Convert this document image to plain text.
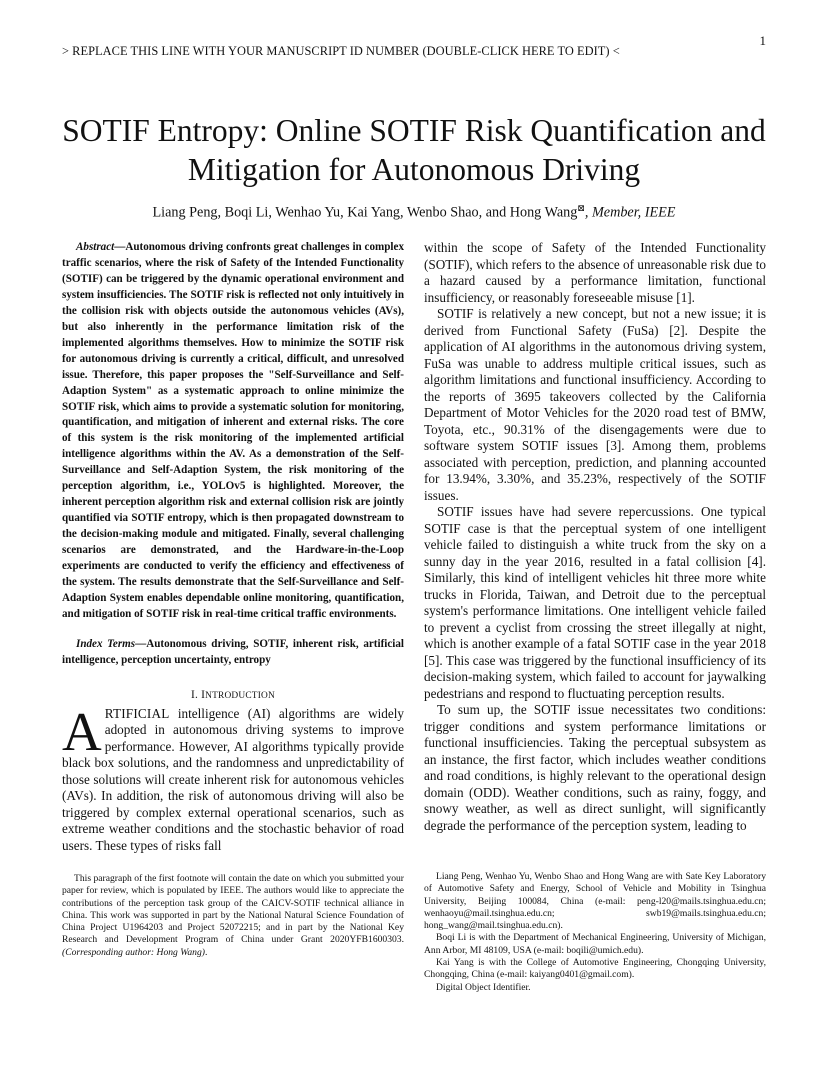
1
> REPLACE THIS LINE WITH YOUR MANUSCRIPT ID NUMBER (DOUBLE-CLICK HERE TO EDIT) <
SOTIF Entropy: Online SOTIF Risk Quantification and Mitigation for Autonomous Driving
Liang Peng, Boqi Li, Wenhao Yu, Kai Yang, Wenbo Shao, and Hong Wang⊠, Member, IEEE

Abstract—Autonomous driving confronts great challenges in complex traffic scenarios, where the risk of Safety of the Intended Functionality (SOTIF) can be triggered by the dynamic operational environment and system insufficiencies. The SOTIF risk is reflected not only intuitively in the collision risk with objects outside the autonomous vehicles (AVs), but also inherently in the performance limitation risk of the implemented algorithms themselves. How to minimize the SOTIF risk for autonomous driving is currently a critical, difficult, and unresolved issue. Therefore, this paper proposes the "Self-Surveillance and Self-Adaption System" as a systematic approach to online minimize the SOTIF risk, which aims to provide a systematic solution for monitoring, quantification, and mitigation of inherent and external risks. The core of this system is the risk monitoring of the implemented artificial intelligence algorithms within the AV. As a demonstration of the Self-Surveillance and Self-Adaption System, the risk monitoring of the perception algorithm, i.e., YOLOv5 is highlighted. Moreover, the inherent perception algorithm risk and external collision risk are jointly quantified via SOTIF entropy, which is then propagated downstream to the decision-making module and mitigated. Finally, several challenging scenarios are demonstrated, and the Hardware-in-the-Loop experiments are conducted to verify the efficiency and effectiveness of the system. The results demonstrate that the Self-Surveillance and Self-Adaption System enables dependable online monitoring, quantification, and mitigation of SOTIF risk in real-time critical traffic environments.

Index Terms—Autonomous driving, SOTIF, inherent risk, artificial intelligence, perception uncertainty, entropy

I. INTRODUCTION

ARTIFICIAL intelligence (AI) algorithms are widely adopted in autonomous driving systems to improve performance. However, AI algorithms typically provide black box solutions, and the randomness and unpredictability of those solutions will create inherent risk for autonomous vehicles (AVs). In addition, the risk of autonomous driving will also be triggered by complex external operational scenarios, such as extreme weather conditions and the stochastic behavior of road users. These types of risks fall

within the scope of Safety of the Intended Functionality (SOTIF), which refers to the absence of unreasonable risk due to a hazard caused by a performance limitation, functional insufficiency, or reasonably foreseeable misuse [1].

SOTIF is relatively a new concept, but not a new issue; it is derived from Functional Safety (FuSa) [2]. Despite the application of AI algorithms in the autonomous driving system, FuSa was unable to address multiple critical issues, such as algorithm limitations and functional insufficiency. According to the reports of 3695 takeovers collected by the California Department of Motor Vehicles for the 2020 road test of BMW, Toyota, etc., 90.31% of the disengagements were due to software system SOTIF issues [3]. Among them, problems associated with perception, prediction, and planning accounted for 13.94%, 3.30%, and 35.23%, respectively of the SOTIF issues.

SOTIF issues have had severe repercussions. One typical SOTIF case is that the perceptual system of one intelligent vehicle failed to distinguish a white truck from the sky on a sunny day in the year 2016, resulted in a fatal collision [4]. Similarly, this kind of intelligent vehicles hit three more white trucks in Florida, Taiwan, and Detroit due to the perceptual system's performance limitations. One intelligent vehicle failed to prevent a cyclist from crossing the street illegally at night, which is another example of a fatal SOTIF case in the year 2018 [5]. This case was triggered by the functional insufficiency of its decision-making system, which failed to account for jaywalking pedestrians and respond to fluctuating perception results.

To sum up, the SOTIF issue necessitates two conditions: trigger conditions and system performance limitations or functional insufficiencies. Taking the perceptual subsystem as an instance, the first factor, which includes weather conditions and road conditions, is highly relevant to the operational design domain (ODD). Weather conditions, such as rainy, foggy, and snowy weather, as well as direct sunlight, will significantly degrade the performance of the perception system, leading to

This paragraph of the first footnote will contain the date on which you submitted your paper for review, which is populated by IEEE. The authors would like to appreciate the contributions of the perception task group of the CAICV-SOTIF technical alliance in China. This work was supported in part by the National Natural Science Foundation of China Project U1964203 and Project 52072215; and in part by the National Key Research and Development Program of China under Grant 2020YFB1600303. (Corresponding author: Hong Wang).

Liang Peng, Wenhao Yu, Wenbo Shao and Hong Wang are with Sate Key Laboratory of Automotive Safety and Energy, School of Vehicle and Mobility in Tsinghua University, Beijing 100084, China (e-mail: peng-l20@mails.tsinghua.edu.cn; wenhaoyu@mail.tsinghua.edu.cn; swb19@mails.tsinghua.edu.cn; hong_wang@mail.tsinghua.edu.cn).

Boqi Li is with the Department of Mechanical Engineering, University of Michigan, Ann Arbor, MI 48109, USA (e-mail: boqili@umich.edu).

Kai Yang is with the College of Automotive Engineering, Chongqing University, Chongqing, China (e-mail: kaiyang0401@gmail.com).

Digital Object Identifier.
